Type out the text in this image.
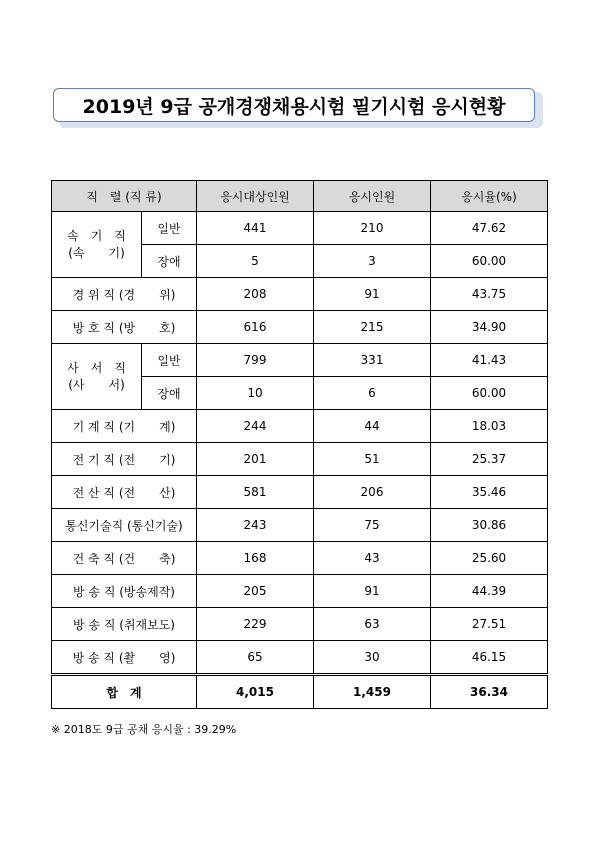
2019년 9급 공개경쟁채용시험 필기시험 응시현황
직　렬 (직 류)		응시대상인원	응시인원	응시율(%)

속　기　직
(속　　기)	일반	441	210	47.62
	장애	5	3	60.00
경 위 직 (경　　위)		208	91	43.75
방 호 직 (방　　호)		616	215	34.90

사　서　직
(사　　서)	일반	799	331	41.43
	장애	10	6	60.00
기 계 직 (기　　계)		244	44	18.03
전 기 직 (전　　기)		201	51	25.37
전 산 직 (전　　산)		581	206	35.46
통신기술직 (통신기술)		243	75	30.86
건 축 직 (건　　축)		168	43	25.60
방 송 직 (방송제작)		205	91	44.39
방 송 직 (취재보도)		229	63	27.51
방 송 직 (촬　　영)		65	30	46.15
합　계		4,015	1,459	36.34
※ 2018도 9급 공채 응시율 : 39.29%
